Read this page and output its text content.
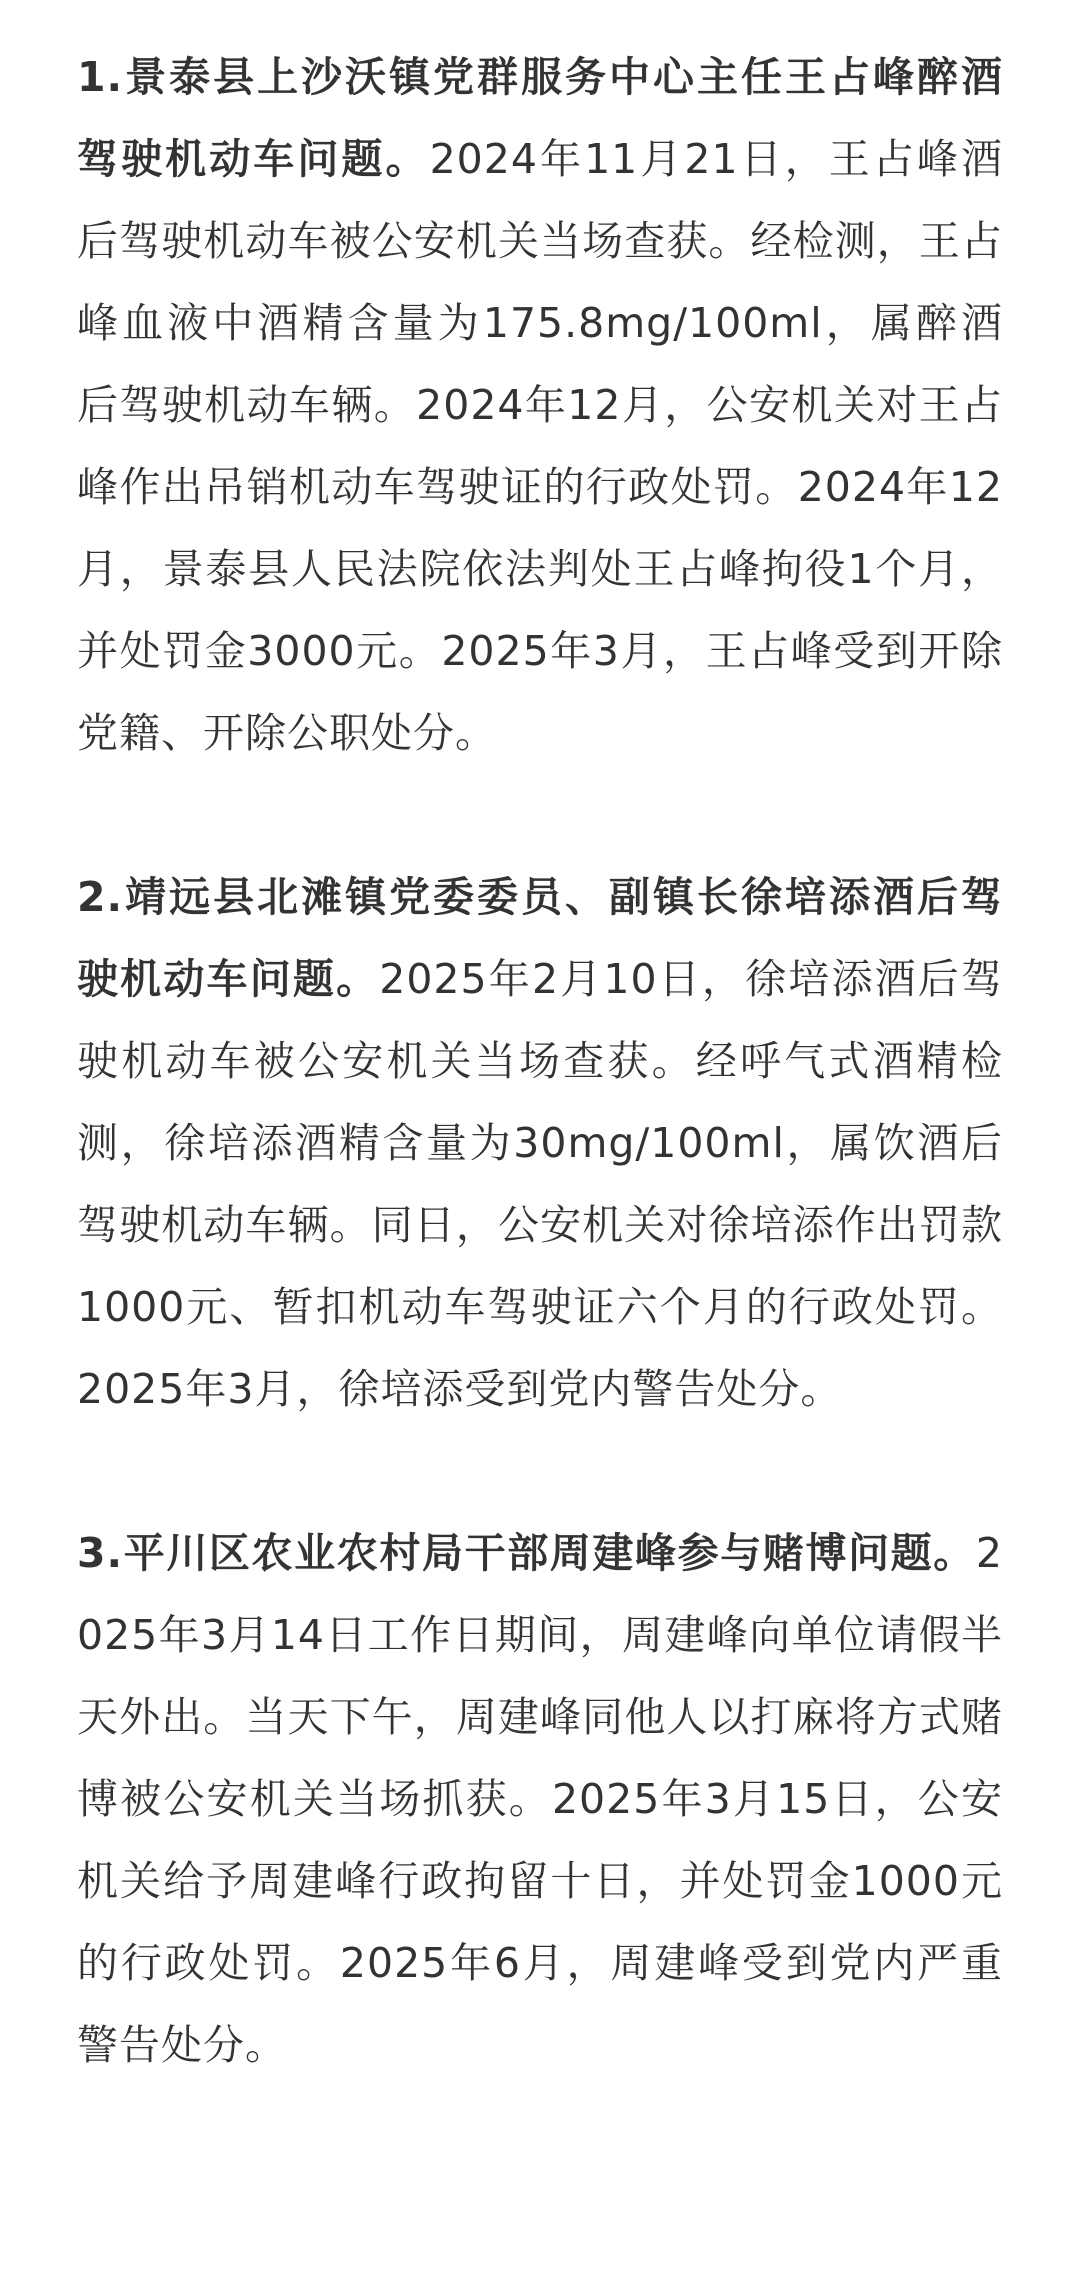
1.景泰县上沙沃镇党群服务中心主任王占峰醉酒驾驶机动车问题。2024年11月21日，王占峰酒后驾驶机动车被公安机关当场查获。经检测，王占峰血液中酒精含量为175.8mg/100ml，属醉酒后驾驶机动车辆。2024年12月，公安机关对王占峰作出吊销机动车驾驶证的行政处罚。2024年12月，景泰县人民法院依法判处王占峰拘役1个月，并处罚金3000元。2025年3月，王占峰受到开除党籍、开除公职处分。

2.靖远县北滩镇党委委员、副镇长徐培添酒后驾驶机动车问题。2025年2月10日，徐培添酒后驾驶机动车被公安机关当场查获。经呼气式酒精检测，徐培添酒精含量为30mg/100ml，属饮酒后驾驶机动车辆。同日，公安机关对徐培添作出罚款1000元、暂扣机动车驾驶证六个月的行政处罚。2025年3月，徐培添受到党内警告处分。

3.平川区农业农村局干部周建峰参与赌博问题。2025年3月14日工作日期间，周建峰向单位请假半天外出。当天下午，周建峰同他人以打麻将方式赌博被公安机关当场抓获。2025年3月15日，公安机关给予周建峰行政拘留十日，并处罚金1000元的行政处罚。2025年6月，周建峰受到党内严重警告处分。
